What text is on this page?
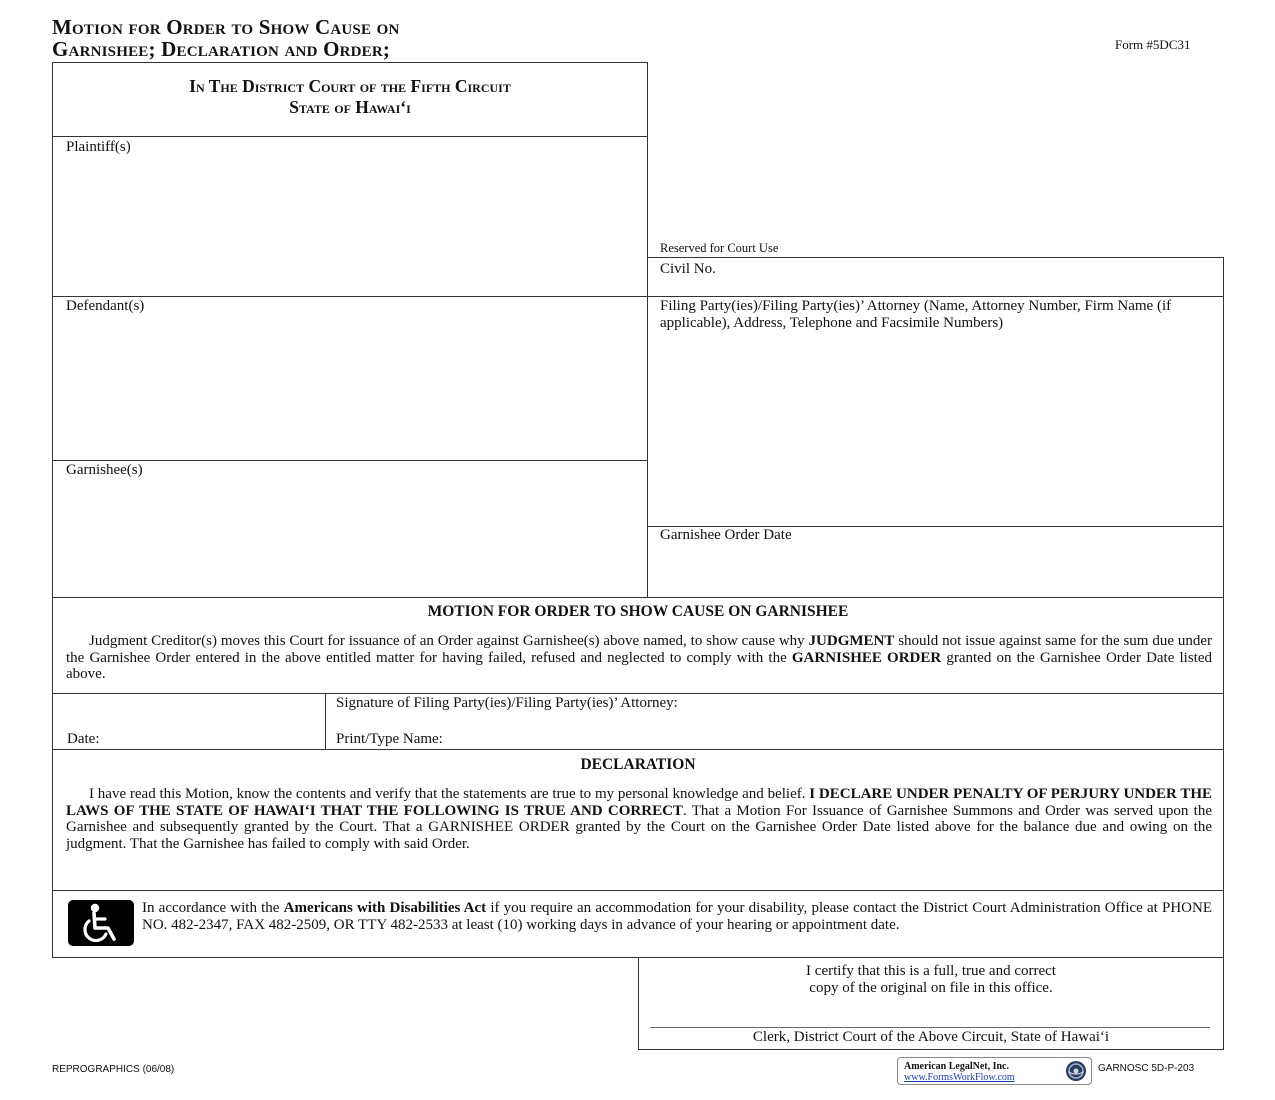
Motion for Order to Show Cause on
Garnishee; Declaration and Order;	Form #5DC31
In The District Court of the Fifth Circuit
State of Hawai‘i
Plaintiff(s)
Defendant(s)
Garnishee(s)
Reserved for Court Use
Civil No.
Filing Party(ies)/Filing Party(ies)’ Attorney (Name, Attorney Number, Firm Name (if applicable), Address, Telephone and Facsimile Numbers)
Garnishee Order Date
MOTION FOR ORDER TO SHOW CAUSE ON GARNISHEE
Judgment Creditor(s) moves this Court for issuance of an Order against Garnishee(s) above named, to show cause why JUDGMENT should not issue against same for the sum due under the Garnishee Order entered in the above entitled matter for having failed, refused and neglected to comply with the GARNISHEE ORDER granted on the Garnishee Order Date listed above.
Date:
Signature of Filing Party(ies)/Filing Party(ies)’ Attorney:
Print/Type Name:
DECLARATION
I have read this Motion, know the contents and verify that the statements are true to my personal knowledge and belief. I DECLARE UNDER PENALTY OF PERJURY UNDER THE LAWS OF THE STATE OF HAWAI‘I THAT THE FOLLOWING IS TRUE AND CORRECT. That a Motion For Issuance of Garnishee Summons and Order was served upon the Garnishee and subsequently granted by the Court. That a GARNISHEE ORDER granted by the Court on the Garnishee Order Date listed above for the balance due and owing on the judgment. That the Garnishee has failed to comply with said Order.
In accordance with the Americans with Disabilities Act if you require an accommodation for your disability, please contact the District Court Administration Office at PHONE NO. 482-2347, FAX 482-2509, OR TTY 482-2533 at least (10) working days in advance of your hearing or appointment date.
I certify that this is a full, true and correct
copy of the original on file in this office.
Clerk, District Court of the Above Circuit, State of Hawai‘i
REPROGRAPHICS (06/08)	American LegalNet, Inc.
www.FormsWorkFlow.com
GARNOSC 5D-P-203
